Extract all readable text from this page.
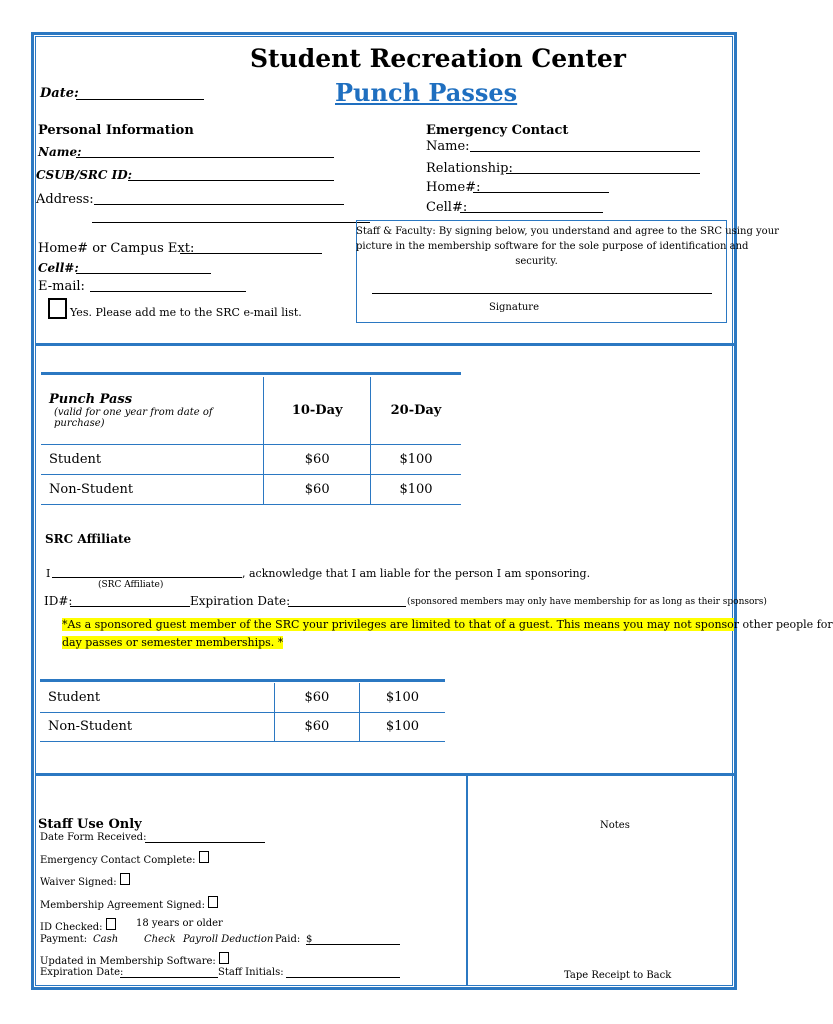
Student Recreation Center
Punch Passes
Date:
Personal Information
Name:
CSUB/SRC ID:
Address:
Home# or Campus Ext:
Cell#:
E-mail:
Yes. Please add me to the SRC e-mail list.
Emergency Contact
Name:
Relationship:
Home#:
Cell#:
Staff & Faculty: By signing below, you understand and agree to the SRC using your
picture in the membership software for the sole purpose of identification and
security.
Signature
Punch Pass
(valid for one year from date of purchase)	10-Day	20-Day
Student	$60	$100
Non-Student	$60	$100
SRC Affiliate
I	, acknowledge that I am liable for the person I am sponsoring.
(SRC Affiliate)
ID#:	Expiration Date:	(sponsored members may only have membership for as long as their sponsors)
*As a sponsored guest member of the SRC your privileges are limited to that of a guest. This means you may not sponsor other people for
day passes or semester memberships. *
Student	$60	$100
Non-Student	$60	$100
Staff Use Only
Date Form Received:
Emergency Contact Complete:
Waiver Signed:
Membership Agreement Signed:
ID Checked:	18 years or older
Payment: Cash	Check Payroll Deduction Paid: $
Updated in Membership Software:
Expiration Date:	Staff Initials:
Notes
Tape Receipt to Back
